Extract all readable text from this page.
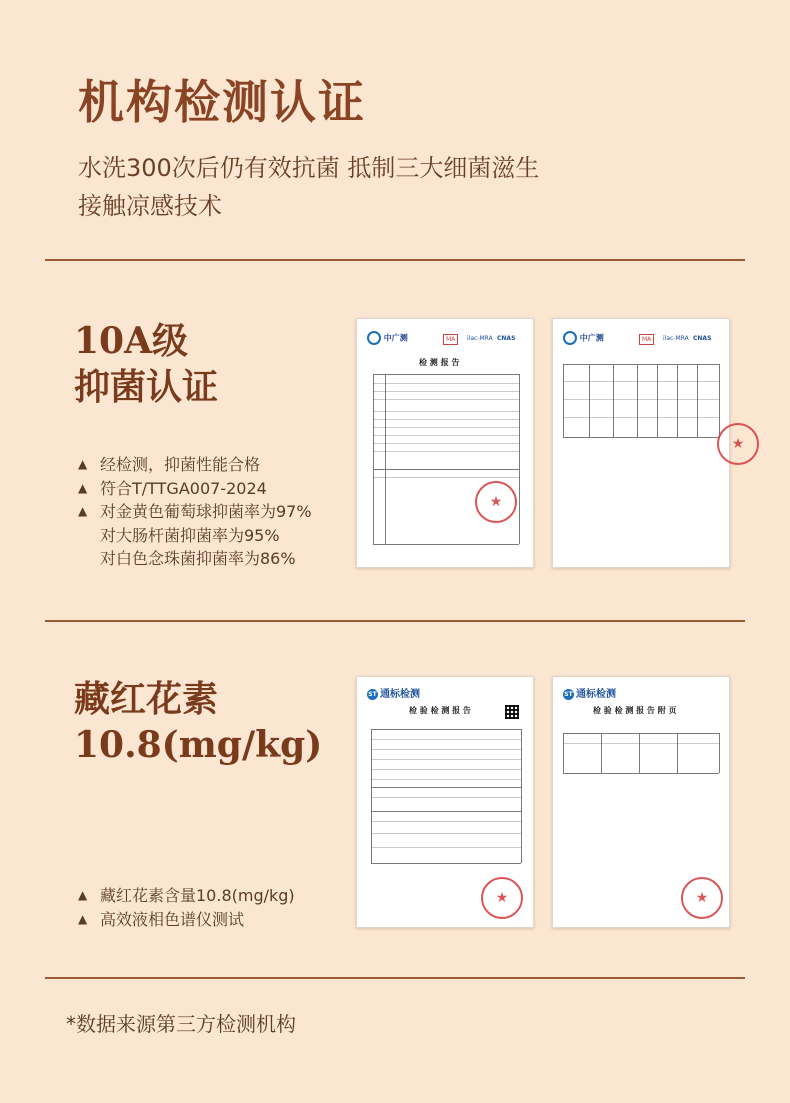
机构检测认证
水洗300次后仍有效抗菌 抵制三大细菌滋生
接触凉感技术
10A级
抑菌认证
▲ 经检测，抑菌性能合格
▲ 符合T/TTGA007-2024
▲ 对金黄色葡萄球抑菌率为97%
对大肠杆菌抑菌率为95%
对白色念珠菌抑菌率为86%
中广测	MA	ilac-MRA CNAS
检 测 报 告
★
中广测	MA	ilac-MRA CNAS
★
藏红花素
10.8(mg/kg)
▲ 藏红花素含量10.8(mg/kg)
▲ 高效液相色谱仪测试
ST 通标检测
检 验 检 测 报 告
★
ST 通标检测
检 验 检 测 报 告 附 页
★
*数据来源第三方检测机构
